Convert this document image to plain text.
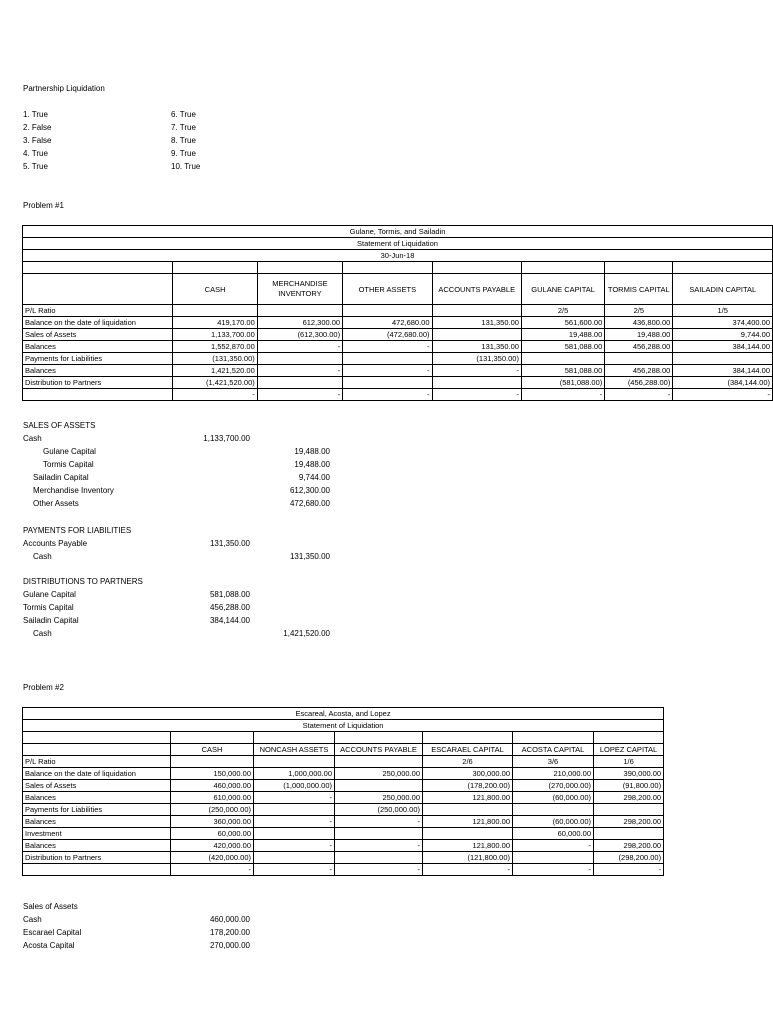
Partnership Liquidation
1. True	6. True
2. False	7. True
3. False	8. True
4. True	9. True
5. True	10. True
Problem #1
Gulane, Tormis, and Sailadin							
Statement of Liquidation							
30-Jun-18							

	CASH	MERCHANDISE INVENTORY	OTHER ASSETS	ACCOUNTS PAYABLE	GULANE CAPITAL	TORMIS CAPITAL	SAILADIN CAPITAL
P/L Ratio					2/5	2/5	1/5
Balance on the date of liquidation	419,170.00	612,300.00	472,680.00	131,350.00	561,600.00	436,800.00	374,400.00
Sales of Assets	1,133,700.00	(612,300.00)	(472,680.00)		19,488.00	19,488.00	9,744.00
Balances	1,552,870.00	-	-	131,350.00	581,088.00	456,288.00	384,144.00
Payments for Liabilities	(131,350.00)			(131,350.00)			
Balances	1,421,520.00	-	-	-	581,088.00	456,288.00	384,144.00
Distribution to Partners	(1,421,520.00)				(581,088.00)	(456,288.00)	(384,144.00)
	-	-	-	-	-	-	-
SALES OF ASSETS
Cash	1,133,700.00
Gulane Capital	19,488.00
Tormis Capital	19,488.00
Sailadin Capital	9,744.00
Merchandise Inventory	612,300.00
Other Assets	472,680.00
PAYMENTS FOR LIABILITIES
Accounts Payable	131,350.00
Cash	131,350.00
DISTRIBUTIONS TO PARTNERS
Gulane Capital	581,088.00
Tormis Capital	456,288.00
Sailadin Capital	384,144.00
Cash	1,421,520.00
Problem #2
Escareal, Acosta, and Lopez						
Statement of Liquidation						

	CASH	NONCASH ASSETS	ACCOUNTS PAYABLE	ESCARAEL CAPITAL	ACOSTA CAPITAL	LOPEZ CAPITAL
P/L Ratio				2/6	3/6	1/6
Balance on the date of liquidation	150,000.00	1,000,000.00	250,000.00	300,000.00	210,000.00	390,000.00
Sales of Assets	460,000.00	(1,000,000.00)		(178,200.00)	(270,000.00)	(91,800.00)
Balances	610,000.00	-	250,000.00	121,800.00	(60,000.00)	298,200.00
Payments for Liabilities	(250,000.00)		(250,000.00)			
Balances	360,000.00	-	-	121,800.00	(60,000.00)	298,200.00
Investment	60,000.00				60,000.00	
Balances	420,000.00	-	-	121,800.00	-	298,200.00
Distribution to Partners	(420,000.00)			(121,800.00)		(298,200.00)
	-	-	-	-	-	-
Sales of Assets
Cash	460,000.00
Escarael Capital	178,200.00
Acosta Capital	270,000.00
